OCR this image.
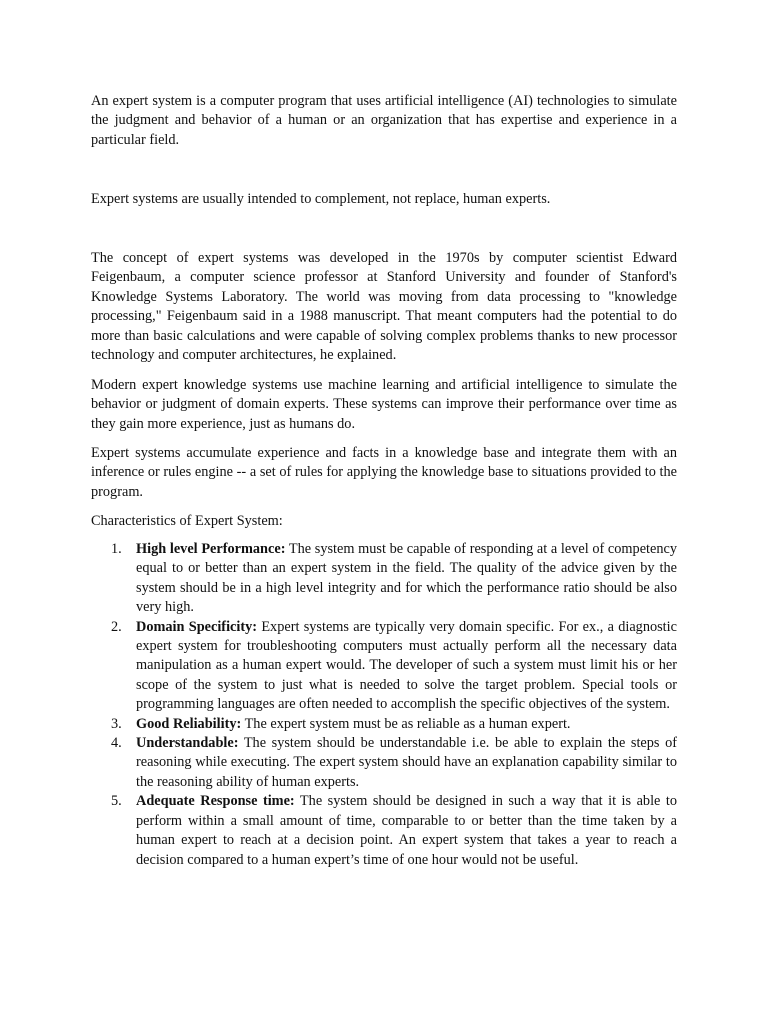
An expert system is a computer program that uses artificial intelligence (AI) technologies to simulate the judgment and behavior of a human or an organization that has expertise and experience in a particular field.

Expert systems are usually intended to complement, not replace, human experts.

The concept of expert systems was developed in the 1970s by computer scientist Edward Feigenbaum, a computer science professor at Stanford University and founder of Stanford's Knowledge Systems Laboratory. The world was moving from data processing to "knowledge processing," Feigenbaum said in a 1988 manuscript. That meant computers had the potential to do more than basic calculations and were capable of solving complex problems thanks to new processor technology and computer architectures, he explained.

Modern expert knowledge systems use machine learning and artificial intelligence to simulate the behavior or judgment of domain experts. These systems can improve their performance over time as they gain more experience, just as humans do.

Expert systems accumulate experience and facts in a knowledge base and integrate them with an inference or rules engine -- a set of rules for applying the knowledge base to situations provided to the program.

Characteristics of Expert System:

1. High level Performance: The system must be capable of responding at a level of competency equal to or better than an expert system in the field. The quality of the advice given by the system should be in a high level integrity and for which the performance ratio should be also very high.
2. Domain Specificity: Expert systems are typically very domain specific. For ex., a diagnostic expert system for troubleshooting computers must actually perform all the necessary data manipulation as a human expert would. The developer of such a system must limit his or her scope of the system to just what is needed to solve the target problem. Special tools or programming languages are often needed to accomplish the specific objectives of the system.
3. Good Reliability: The expert system must be as reliable as a human expert.
4. Understandable: The system should be understandable i.e. be able to explain the steps of reasoning while executing. The expert system should have an explanation capability similar to the reasoning ability of human experts.
5. Adequate Response time: The system should be designed in such a way that it is able to perform within a small amount of time, comparable to or better than the time taken by a human expert to reach at a decision point. An expert system that takes a year to reach a decision compared to a human expert’s time of one hour would not be useful.
